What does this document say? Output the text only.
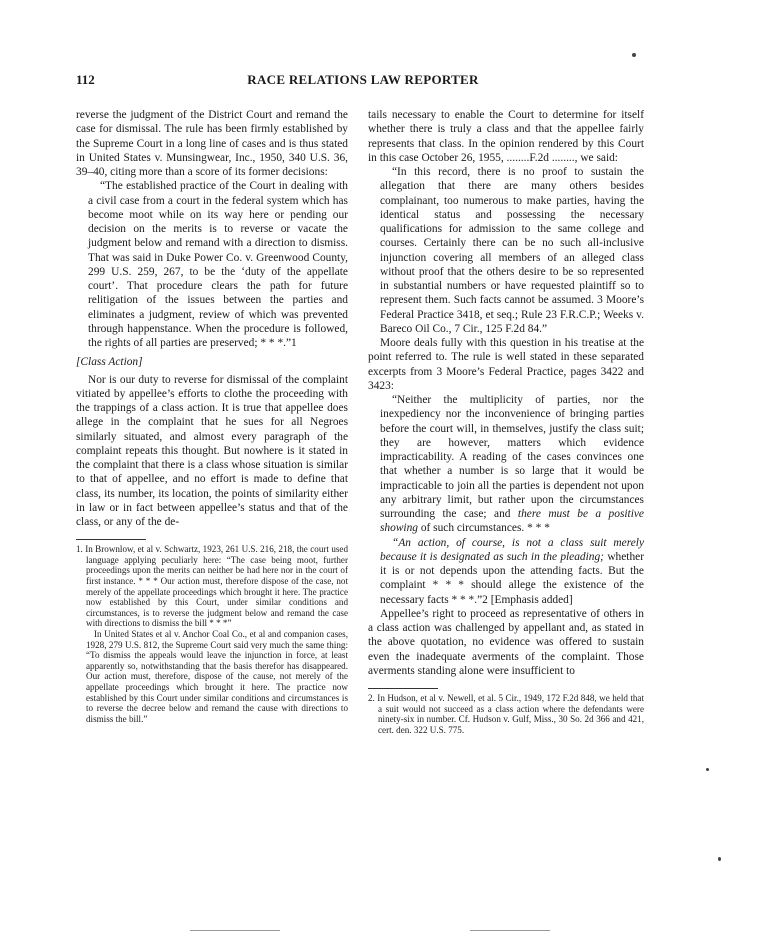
112	RACE RELATIONS LAW REPORTER

reverse the judgment of the District Court and remand the case for dismissal. The rule has been firmly established by the Supreme Court in a long line of cases and is thus stated in United States v. Munsingwear, Inc., 1950, 340 U.S. 36, 39–40, citing more than a score of its former decisions:

“The established practice of the Court in dealing with a civil case from a court in the federal system which has become moot while on its way here or pending our decision on the merits is to reverse or vacate the judgment below and remand with a direction to dismiss. That was said in Duke Power Co. v. Greenwood County, 299 U.S. 259, 267, to be the ‘duty of the appellate court’. That procedure clears the path for future relitigation of the issues between the parties and eliminates a judgment, review of which was prevented through happenstance. When the procedure is followed, the rights of all parties are preserved; * * *.”1

[Class Action]

Nor is our duty to reverse for dismissal of the complaint vitiated by appellee’s efforts to clothe the proceeding with the trappings of a class action. It is true that appellee does allege in the complaint that he sues for all Negroes similarly situated, and almost every paragraph of the complaint repeats this thought. But nowhere is it stated in the complaint that there is a class whose situation is similar to that of appellee, and no effort is made to define that class, its number, its location, the points of similarity either in law or in fact between appellee’s status and that of the class, or any of the de-

1. In Brownlow, et al v. Schwartz, 1923, 261 U.S. 216, 218, the court used language applying peculiarly here: “The case being moot, further proceedings upon the merits can neither be had here nor in the court of first instance. * * * Our action must, therefore dispose of the case, not merely of the appellate proceedings which brought it here. The practice now established by this Court, under similar conditions and circumstances, is to reverse the judgment below and remand the case with directions to dismiss the bill * * *”

In United States et al v. Anchor Coal Co., et al and companion cases, 1928, 279 U.S. 812, the Supreme Court said very much the same thing: “To dismiss the appeals would leave the injunction in force, at least apparently so, notwithstanding that the basis therefor has disappeared. Our action must, therefore, dispose of the cause, not merely of the appellate proceedings which brought it here. The practice now established by this Court under similar conditions and circumstances is to reverse the decree below and remand the cause with directions to dismiss the bill.”

tails necessary to enable the Court to determine for itself whether there is truly a class and that the appellee fairly represents that class. In the opinion rendered by this Court in this case October 26, 1955, ........F.2d ........, we said:

“In this record, there is no proof to sustain the allegation that there are many others besides complainant, too numerous to make parties, having the identical status and possessing the necessary qualifications for admission to the same college and courses. Certainly there can be no such all-inclusive injunction covering all members of an alleged class without proof that the others desire to be so represented in substantial numbers or have requested plaintiff so to represent them. Such facts cannot be assumed. 3 Moore’s Federal Practice 3418, et seq.; Rule 23 F.R.C.P.; Weeks v. Bareco Oil Co., 7 Cir., 125 F.2d 84.”

Moore deals fully with this question in his treatise at the point referred to. The rule is well stated in these separated excerpts from 3 Moore’s Federal Practice, pages 3422 and 3423:

“Neither the multiplicity of parties, nor the inexpediency nor the inconvenience of bringing parties before the court will, in themselves, justify the class suit; they are however, matters which evidence impracticability. A reading of the cases convinces one that whether a number is so large that it would be impracticable to join all the parties is dependent not upon any arbitrary limit, but rather upon the circumstances surrounding the case; and there must be a positive showing of such circumstances. * * *

“An action, of course, is not a class suit merely because it is designated as such in the pleading; whether it is or not depends upon the attending facts. But the complaint * * * should allege the existence of the necessary facts * * *.”2 [Emphasis added]

Appellee’s right to proceed as representative of others in a class action was challenged by appellant and, as stated in the above quotation, no evidence was offered to sustain even the inadequate averments of the complaint. Those averments standing alone were insufficient to

2. In Hudson, et al v. Newell, et al. 5 Cir., 1949, 172 F.2d 848, we held that a suit would not succeed as a class action where the defendants were ninety-six in number. Cf. Hudson v. Gulf, Miss., 30 So. 2d 366 and 421, cert. den. 322 U.S. 775.
